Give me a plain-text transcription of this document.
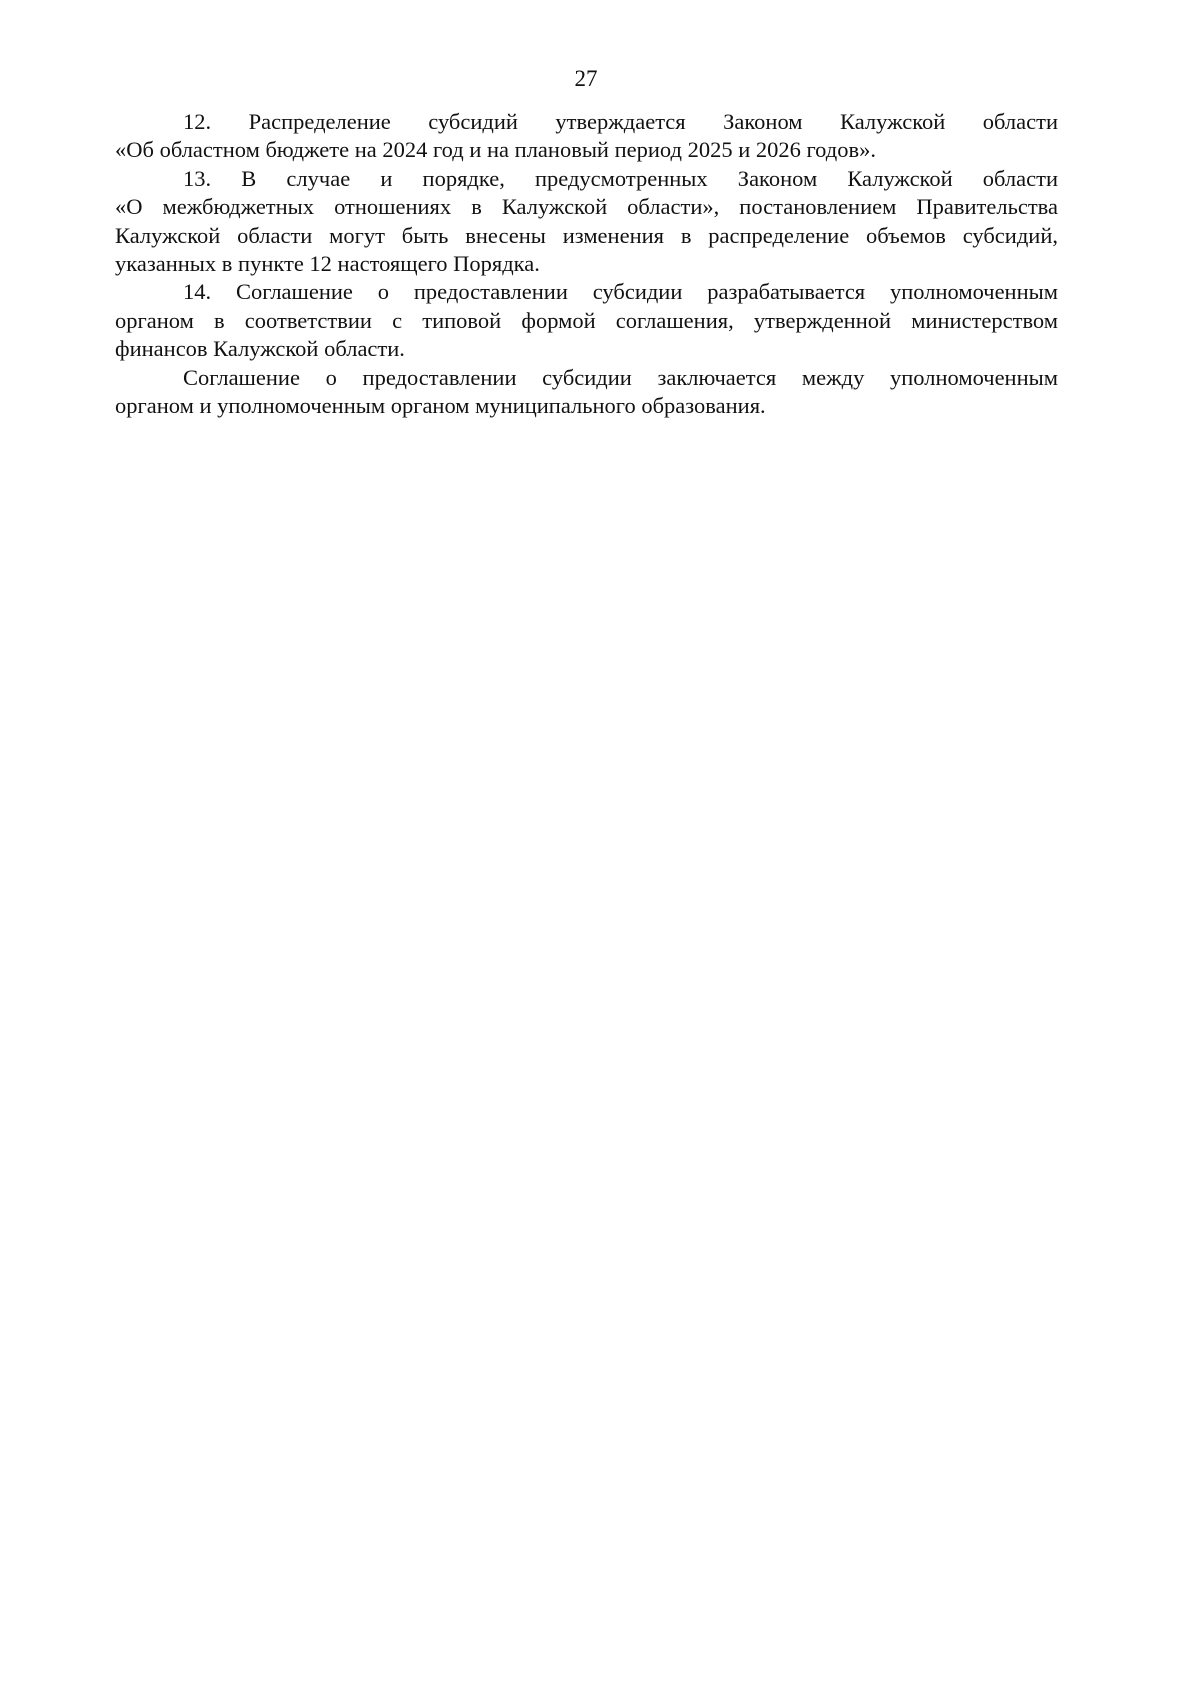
27
12. Распределение субсидий утверждается Законом Калужской области
«Об областном бюджете на 2024 год и на плановый период 2025 и 2026 годов».
13. В случае и порядке, предусмотренных Законом Калужской области
«О межбюджетных отношениях в Калужской области», постановлением Правительства
Калужской области могут быть внесены изменения в распределение объемов субсидий,
указанных в пункте 12 настоящего Порядка.
14. Соглашение о предоставлении субсидии разрабатывается уполномоченным
органом в соответствии с типовой формой соглашения, утвержденной министерством
финансов Калужской области.
Соглашение о предоставлении субсидии заключается между уполномоченным
органом и уполномоченным органом муниципального образования.
